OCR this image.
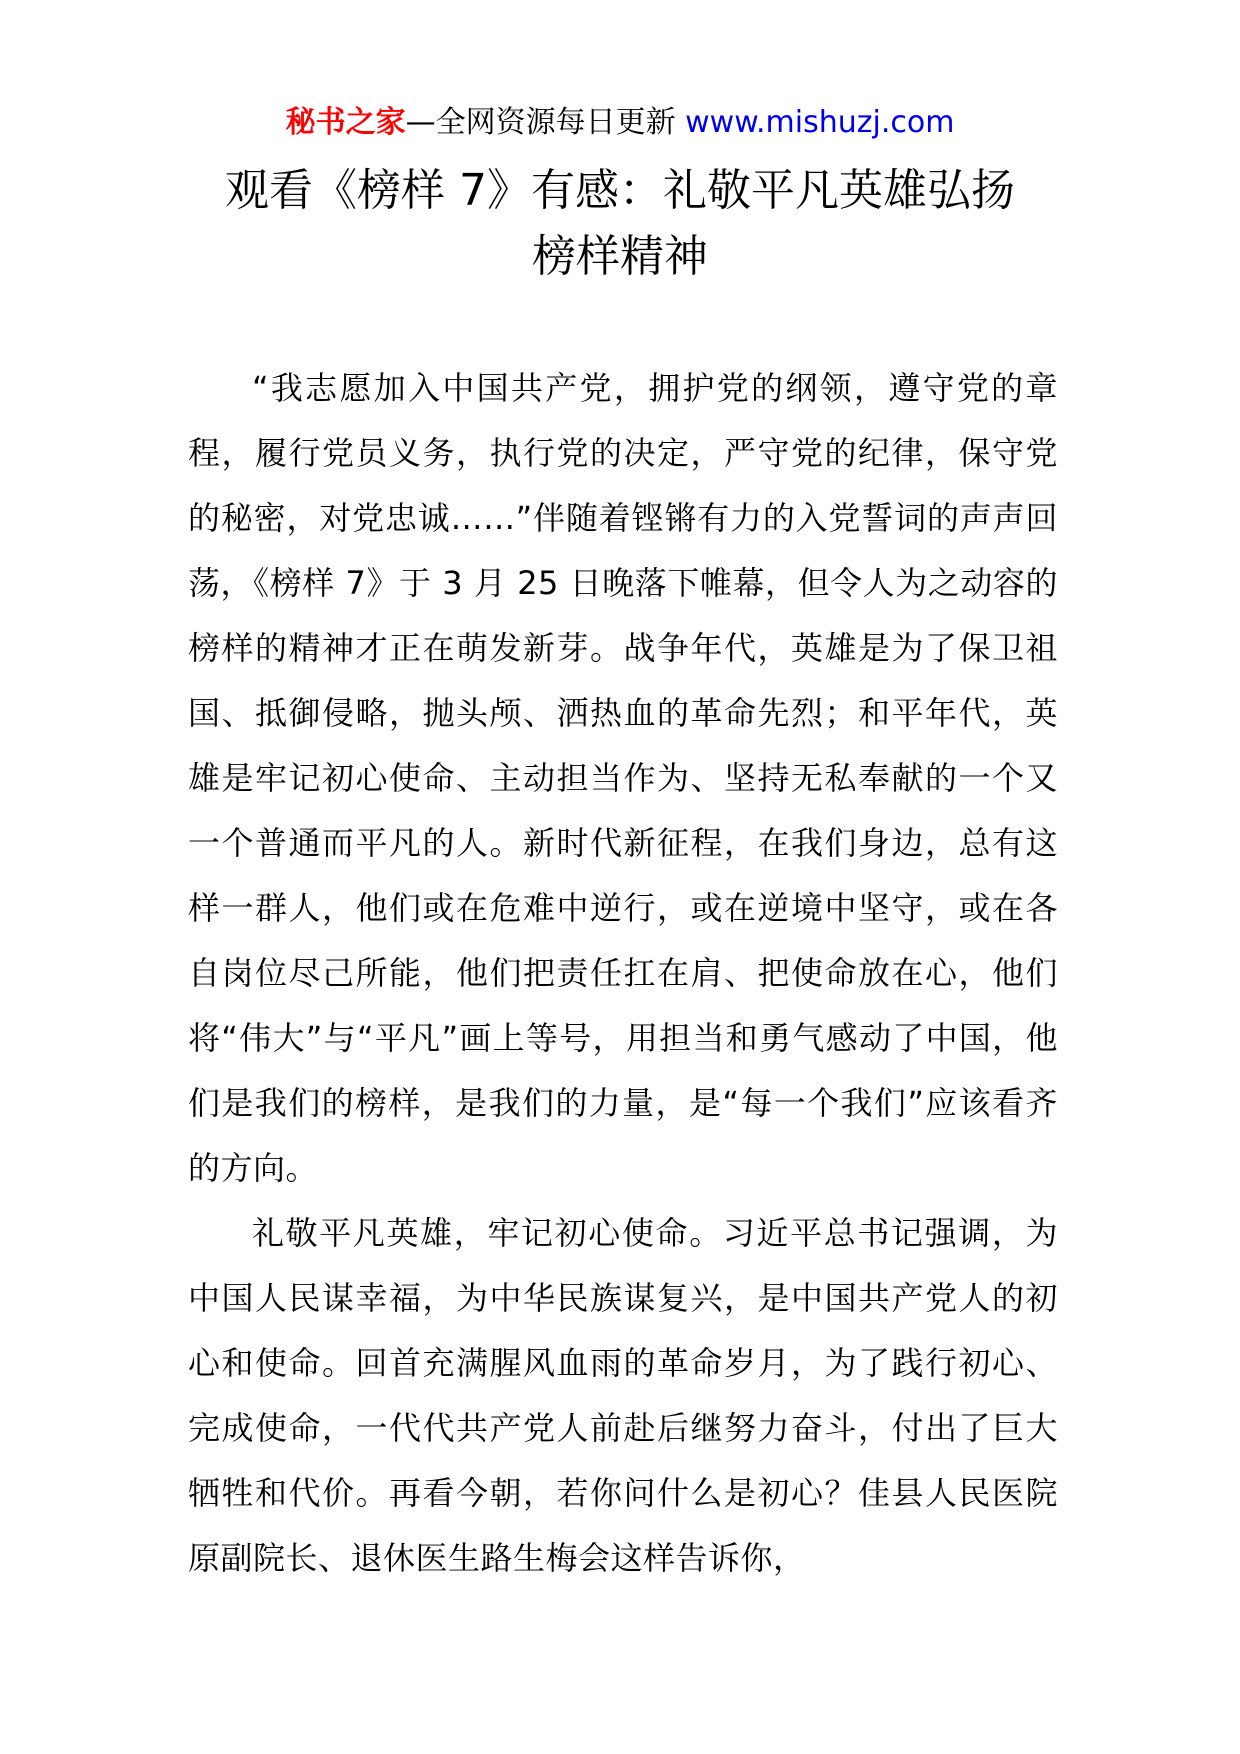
秘书之家—全网资源每日更新 www.mishuzj.com
观看《榜样 7》有感：礼敬平凡英雄弘扬
榜样精神

“我志愿加入中国共产党，拥护党的纲领，遵守党的章程，履行党员义务，执行党的决定，严守党的纪律，保守党的秘密，对党忠诚……”伴随着铿锵有力的入党誓词的声声回荡，《榜样 7》于 3 月 25 日晚落下帷幕，但令人为之动容的榜样的精神才正在萌发新芽。战争年代，英雄是为了保卫祖国、抵御侵略，抛头颅、洒热血的革命先烈；和平年代，英雄是牢记初心使命、主动担当作为、坚持无私奉献的一个又一个普通而平凡的人。新时代新征程，在我们身边，总有这样一群人，他们或在危难中逆行，或在逆境中坚守，或在各自岗位尽己所能，他们把责任扛在肩、把使命放在心，他们将“伟大”与“平凡”画上等号，用担当和勇气感动了中国，他们是我们的榜样，是我们的力量，是“每一个我们”应该看齐的方向。

礼敬平凡英雄，牢记初心使命。习近平总书记强调，为中国人民谋幸福，为中华民族谋复兴，是中国共产党人的初心和使命。回首充满腥风血雨的革命岁月，为了践行初心、完成使命，一代代共产党人前赴后继努力奋斗，付出了巨大牺牲和代价。再看今朝，若你问什么是初心？佳县人民医院原副院长、退休医生路生梅会这样告诉你，
